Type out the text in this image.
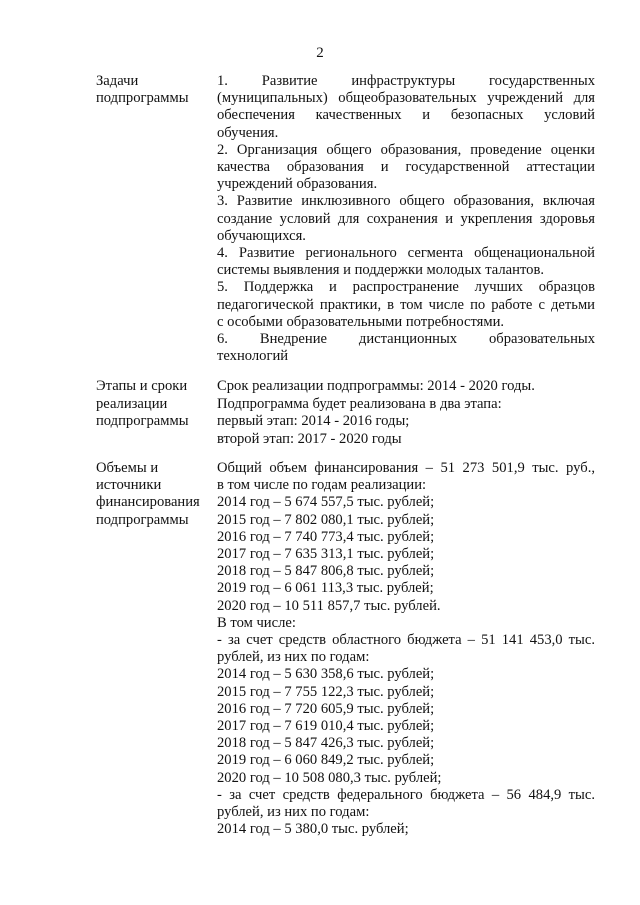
2
Задачи
подпрограммы
1.      Развитие      инфраструктуры      государственных
(муниципальных) общеобразовательных учреждений для
обеспечения качественных и безопасных условий
обучения.
2. Организация общего образования, проведение оценки
качества образования и государственной аттестации
учреждений образования.
3. Развитие инклюзивного общего образования, включая
создание условий для сохранения и укрепления здоровья
обучающихся.
4. Развитие регионального сегмента общенациональной
системы выявления и поддержки молодых талантов.
5. Поддержка и распространение лучших образцов
педагогической практики, в том числе по работе с детьми
с особыми образовательными потребностями.
6.      Внедрение      дистанционных      образовательных
технологий
Этапы и сроки
реализации
подпрограммы
Срок реализации подпрограммы: 2014 - 2020 годы.
Подпрограмма будет реализована в два этапа:
первый этап: 2014 - 2016 годы;
второй этап: 2017 - 2020 годы
Объемы и
источники
финансирования
подпрограммы
Общий объем финансирования – 51 273 501,9 тыс. руб.,
в том числе по годам реализации:
2014 год – 5 674 557,5 тыс. рублей;
2015 год – 7 802 080,1 тыс. рублей;
2016 год – 7 740 773,4 тыс. рублей;
2017 год – 7 635 313,1 тыс. рублей;
2018 год – 5 847 806,8 тыс. рублей;
2019 год – 6 061 113,3 тыс. рублей;
2020 год – 10 511 857,7 тыс. рублей.
В том числе:
- за счет средств областного бюджета – 51 141 453,0 тыс.
рублей, из них по годам:
2014 год – 5 630 358,6 тыс. рублей;
2015 год – 7 755 122,3 тыс. рублей;
2016 год – 7 720 605,9 тыс. рублей;
2017 год – 7 619 010,4 тыс. рублей;
2018 год – 5 847 426,3 тыс. рублей;
2019 год – 6 060 849,2 тыс. рублей;
2020 год – 10 508 080,3 тыс. рублей;
- за счет средств федерального бюджета – 56 484,9 тыс.
рублей, из них по годам:
2014 год – 5 380,0 тыс. рублей;
